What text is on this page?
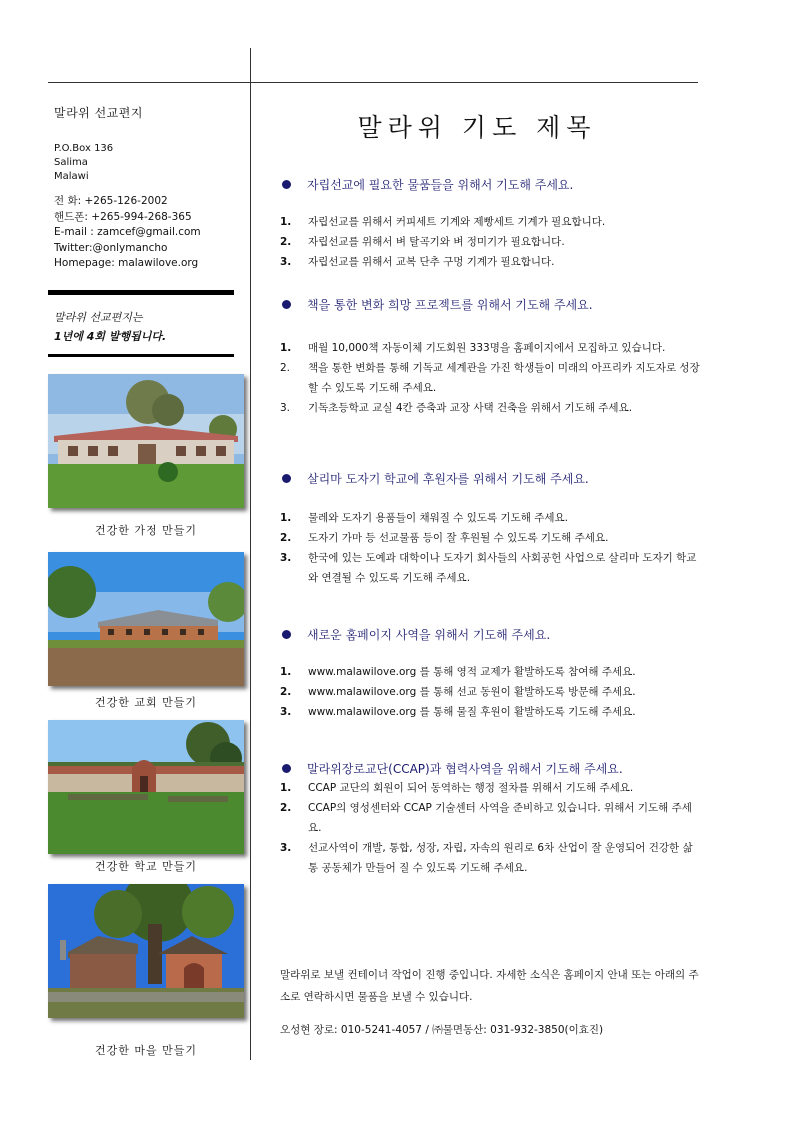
말라위 선교편지
P.O.Box 136
Salima
Malawi
전 화: +265-126-2002
핸드폰: +265-994-268-365
E-mail : zamcef@gmail.com
Twitter:@onlymancho
Homepage: malawilove.org
말라위 선교편지는
1년에 4회 발행됩니다.
건강한 가정 만들기
건강한 교회 만들기
건강한 학교 만들기
건강한 마을 만들기
말라위 기도 제목
자립선교에 필요한 물품들을 위해서 기도해 주세요.
1. 자립선교를 위해서 커피세트 기계와 제빵세트 기계가 필요합니다.
2. 자립선교를 위해서 벼 탈곡기와 벼 정미기가 필요합니다.
3. 자립선교를 위해서 교복 단추 구멍 기계가 필요합니다.
책을 통한 변화 희망 프로젝트를 위해서 기도해 주세요.
1. 매월 10,000책 자동이체 기도회원 333명을 홈페이지에서 모집하고 있습니다.
2. 책을 통한 변화를 통해 기독교 세계관을 가진 학생들이 미래의 아프리카 지도자로 성장할 수 있도록 기도해 주세요.
3. 기독초등학교 교실 4칸 증축과 교장 사택 건축을 위해서 기도해 주세요.
살리마 도자기 학교에 후원자를 위해서 기도해 주세요.
1. 물레와 도자기 용품들이 채워질 수 있도록 기도해 주세요.
2. 도자기 가마 등 선교물품 등이 잘 후원될 수 있도록 기도해 주세요.
3. 한국에 있는 도예과 대학이나 도자기 회사들의 사회공헌 사업으로 살리마 도자기 학교와 연결될 수 있도록 기도해 주세요.
새로운 홈페이지 사역을 위해서 기도해 주세요.
1. www.malawilove.org 를 통해 영적 교제가 활발하도록 참여해 주세요.
2. www.malawilove.org 를 통해 선교 동원이 활발하도록 방문해 주세요.
3. www.malawilove.org 를 통해 물질 후원이 활발하도록 기도해 주세요.
말라위장로교단(CCAP)과 협력사역을 위해서 기도해 주세요.
1. CCAP 교단의 회원이 되어 동역하는 행정 절차를 위해서 기도해 주세요.
2. CCAP의 영성센터와 CCAP 기술센터 사역을 준비하고 있습니다. 위해서 기도해 주세요.
3. 선교사역이 개발, 통합, 성장, 자립, 자속의 원리로 6차 산업이 잘 운영되어 건강한 삶통 공동체가 만들어 질 수 있도록 기도해 주세요.
말라위로 보낼 컨테이너 작업이 진행 중입니다. 자세한 소식은 홈페이지 안내 또는 아래의 주소로 연락하시면 물품을 보낼 수 있습니다.
오성현 장로: 010-5241-4057 / ㈜물면동산: 031-932-3850(이효진)
